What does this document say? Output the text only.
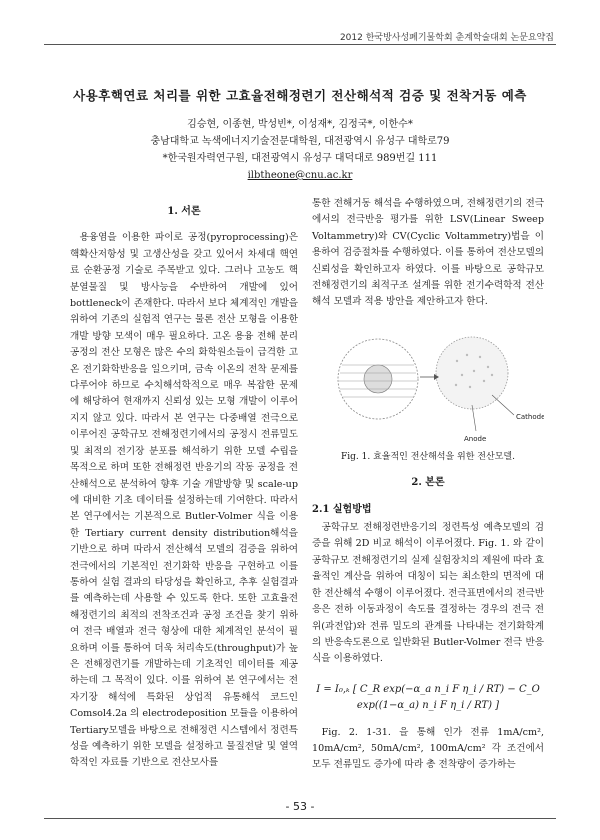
2012 한국방사성폐기물학회 춘계학술대회 논문요약집
사용후핵연료 처리를 위한 고효율전해정련기 전산해석적 검증 및 전착거동 예측
김승현, 이종현, 박성빈*, 이성재*, 김정국*, 이한수*
충남대학교 녹색에너지기술전문대학원, 대전광역시 유성구 대학로79
*한국원자력연구원, 대전광역시 유성구 대덕대로 989번길 111
ilbtheone@cnu.ac.kr
1. 서론

용융염을 이용한 파이로 공정(pyroprocessing)은 핵확산저항성 및 고생산성을 갖고 있어서 차세대 핵연료 순환공정 기술로 주목받고 있다. 그러나 고농도 핵분열물질 및 방사능을 수반하여 개발에 있어 bottleneck이 존재한다. 따라서 보다 체계적인 개발을 위하여 기존의 실험적 연구는 물론 전산 모형을 이용한 개발 방향 모색이 매우 필요하다. 고온 용융 전해 분리공정의 전산 모형은 많은 수의 화학원소들이 급격한 고온 전기화학반응을 일으키며, 금속 이온의 전착 문제를 다루어야 하므로 수치해석학적으로 매우 복잡한 문제에 해당하여 현재까지 신뢰성 있는 모형 개발이 이루어지지 않고 있다. 따라서 본 연구는 다중배열 전극으로 이루어진 공학규모 전해정련기에서의 공정시 전류밀도 및 최적의 전기장 분포를 해석하기 위한 모델 수립을 목적으로 하며 또한 전해정련 반응기의 작동 공정을 전산해석으로 분석하여 향후 기술 개발방향 및 scale-up에 대비한 기초 데이터를 설정하는데 기여한다. 따라서 본 연구에서는 기본적으로 Butler-Volmer 식을 이용한 Tertiary current density distribution해석을 기반으로 하며 따라서 전산해석 모델의 검증을 위하여 전극에서의 기본적인 전기화학 반응을 구현하고 이를 통하여 실험 결과의 타당성을 확인하고, 추후 실험결과를 예측하는데 사용할 수 있도록 한다. 또한 고효율전해정련기의 최적의 전착조건과 공정 조건을 찾기 위하여 전극 배열과 전극 형상에 대한 체계적인 분석이 필요하며 이를 통하여 더욱 처리속도(throughput)가 높은 전해정련기를 개발하는데 기초적인 데이터를 제공하는데 그 목적이 있다. 이를 위하여 본 연구에서는 전자기장 해석에 특화된 상업적 유통해석 코드인 Comsol4.2a 의 electrodeposition 모듈을 이용하여 Tertiary모델을 바탕으로 전해정련 시스템에서 정련특성을 예측하기 위한 모델을 설정하고 물질전달 및 열역학적인 자료를 기반으로 전산모사를

통한 전해거동 해석을 수행하였으며, 전해정련기의 전극에서의 전극반응 평가를 위한 LSV(Linear Sweep Voltammetry)와 CV(Cyclic Voltammetry)법을 이용하여 검증절차를 수행하였다. 이를 통하여 전산모델의 신뢰성을 확인하고자 하였다. 이를 바탕으로 공학규모 전해정련기의 최적구조 설계를 위한 전기수력학적 전산해석 모델과 적용 방안을 제안하고자 한다.

Cathode
Anode
Fig. 1. 효율적인 전산해석을 위한 전산모델.
2. 본론
2.1 실험방법

공학규모 전해정련반응기의 정련특성 예측모델의 검증을 위해 2D 비교 해석이 이루어졌다. Fig. 1. 와 같이 공학규모 전해정련기의 실제 실험장치의 제원에 따라 효율적인 계산을 위하여 대칭이 되는 최소한의 면적에 대한 전산해석 수행이 이루어졌다. 전극표면에서의 전극반응은 전하 이동과정이 속도를 결정하는 경우의 전극 전위(과전압)와 전류 밀도의 관계를 나타내는 전기화학계의 반응속도론으로 일반화된 Butler-Volmer 전극 반응식을 이용하였다.

I = I₀,ₖ [ C_R exp(−α_a n_i F η_i / RT) − C_O exp((1−α_a) n_i F η_i / RT) ]

Fig. 2. 1-31. 을 통해 인가 전류 1mA/cm², 10mA/cm², 50mA/cm², 100mA/cm² 각 조건에서 모두 전류밀도 증가에 따라 총 전착량이 증가하는

- 53 -
